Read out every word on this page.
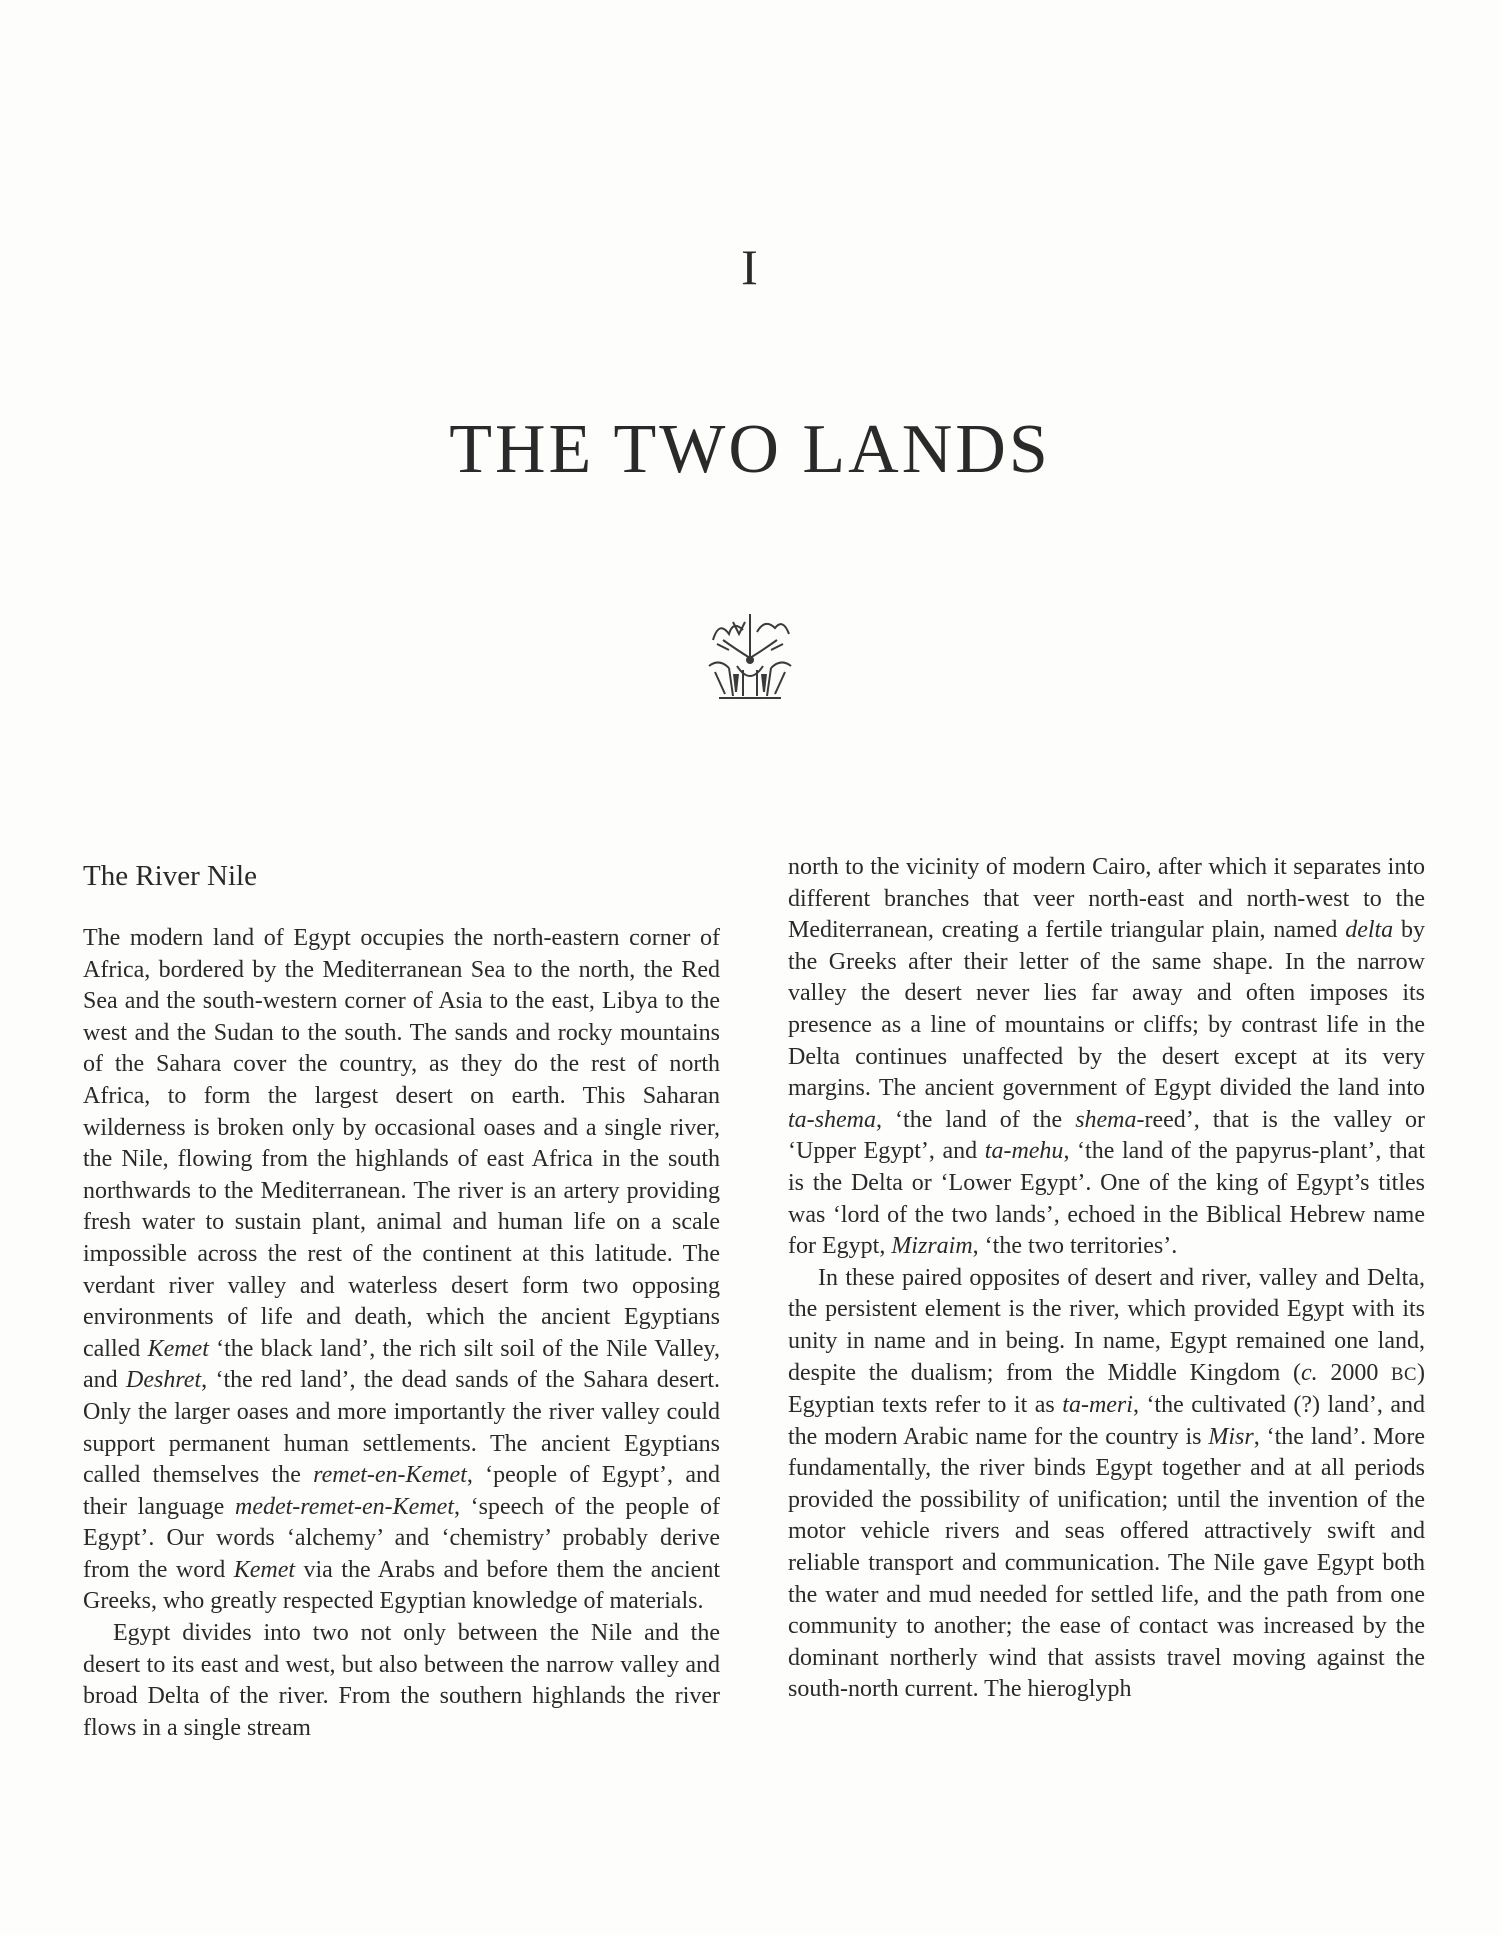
I
THE TWO LANDS
The River Nile

The modern land of Egypt occupies the north-eastern corner of Africa, bordered by the Mediterranean Sea to the north, the Red Sea and the south-western corner of Asia to the east, Libya to the west and the Sudan to the south. The sands and rocky mountains of the Sahara cover the country, as they do the rest of north Africa, to form the largest desert on earth. This Saharan wilderness is broken only by occasional oases and a single river, the Nile, flowing from the highlands of east Africa in the south northwards to the Mediterranean. The river is an artery providing fresh water to sustain plant, animal and human life on a scale impossible across the rest of the continent at this latitude. The verdant river valley and waterless desert form two opposing environments of life and death, which the ancient Egyptians called Kemet ‘the black land’, the rich silt soil of the Nile Valley, and Deshret, ‘the red land’, the dead sands of the Sahara desert. Only the larger oases and more importantly the river valley could support permanent human settlements. The ancient Egyptians called themselves the remet-en-Kemet, ‘people of Egypt’, and their language medet-remet-en-Kemet, ‘speech of the people of Egypt’. Our words ‘alchemy’ and ‘chemistry’ probably derive from the word Kemet via the Arabs and before them the ancient Greeks, who greatly respected Egyptian knowledge of materials.

Egypt divides into two not only between the Nile and the desert to its east and west, but also between the narrow valley and broad Delta of the river. From the southern highlands the river flows in a single stream

north to the vicinity of modern Cairo, after which it separates into different branches that veer north-east and north-west to the Mediterranean, creating a fertile triangular plain, named delta by the Greeks after their letter of the same shape. In the narrow valley the desert never lies far away and often imposes its presence as a line of mountains or cliffs; by contrast life in the Delta continues unaffected by the desert except at its very margins. The ancient government of Egypt divided the land into ta-shema, ‘the land of the shema-reed’, that is the valley or ‘Upper Egypt’, and ta-mehu, ‘the land of the papyrus-plant’, that is the Delta or ‘Lower Egypt’. One of the king of Egypt’s titles was ‘lord of the two lands’, echoed in the Biblical Hebrew name for Egypt, Mizraim, ‘the two territories’.

In these paired opposites of desert and river, valley and Delta, the persistent element is the river, which provided Egypt with its unity in name and in being. In name, Egypt remained one land, despite the dualism; from the Middle Kingdom (c. 2000 BC) Egyptian texts refer to it as ta-meri, ‘the cultivated (?) land’, and the modern Arabic name for the country is Misr, ‘the land’. More fundamentally, the river binds Egypt together and at all periods provided the possibility of unification; until the invention of the motor vehicle rivers and seas offered attractively swift and reliable transport and communication. The Nile gave Egypt both the water and mud needed for settled life, and the path from one community to another; the ease of contact was increased by the dominant northerly wind that assists travel moving against the south-north current. The hieroglyph
